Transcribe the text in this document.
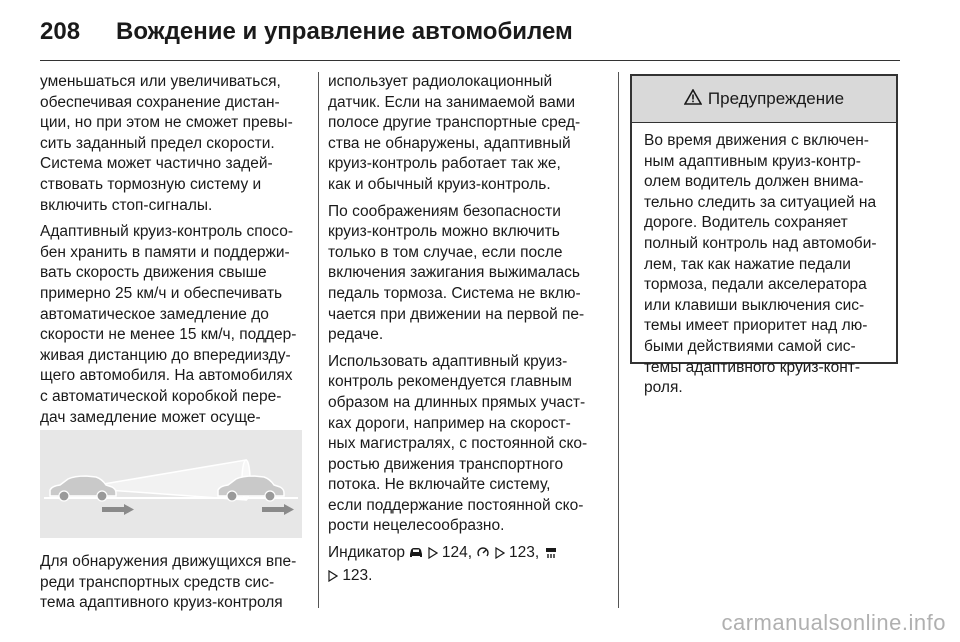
208	Вождение и управление автомобилем

уменьшаться или увеличиваться,
обеспечивая сохранение дистан-
ции, но при этом не сможет превы-
сить заданный предел скорости.
Система может частично задей-
ствовать тормозную систему и
включить стоп-сигналы.

Адаптивный круиз-контроль спосо-
бен хранить в памяти и поддержи-
вать скорость движения свыше
примерно 25 км/ч и обеспечивать
автоматическое замедление до
скорости не менее 15 км/ч, поддер-
живая дистанцию до впередиизду-
щего автомобиля. На автомобилях
с автоматической коробкой пере-
дач замедление может осуще-

Для обнаружения движущихся впе-
реди транспортных средств сис-
тема адаптивного круиз-контроля

использует радиолокационный
датчик. Если на занимаемой вами
полосе другие транспортные сред-
ства не обнаружены, адаптивный
круиз-контроль работает так же,
как и обычный круиз-контроль.

По соображениям безопасности
круиз-контроль можно включить
только в том случае, если после
включения зажигания выжималась
педаль тормоза. Система не вклю-
чается при движении на первой пе-
редаче.

Использовать адаптивный круиз-
контроль рекомендуется главным
образом на длинных прямых участ-
ках дороги, например на скорост-
ных магистралях, с постоянной ско-
ростью движения транспортного
потока. Не включайте систему,
если поддержание постоянной ско-
рости нецелесообразно.

Индикатор 124, 123,
123.

Предупреждение
Во время движения с включен-
ным адаптивным круиз-контр-
олем водитель должен внима-
тельно следить за ситуацией на
дороге. Водитель сохраняет
полный контроль над автомоби-
лем, так как нажатие педали
тормоза, педали акселератора
или клавиши выключения сис-
темы имеет приоритет над лю-
быми действиями самой сис-
темы адаптивного круиз-конт-
роля.
carmanualsonline.info
